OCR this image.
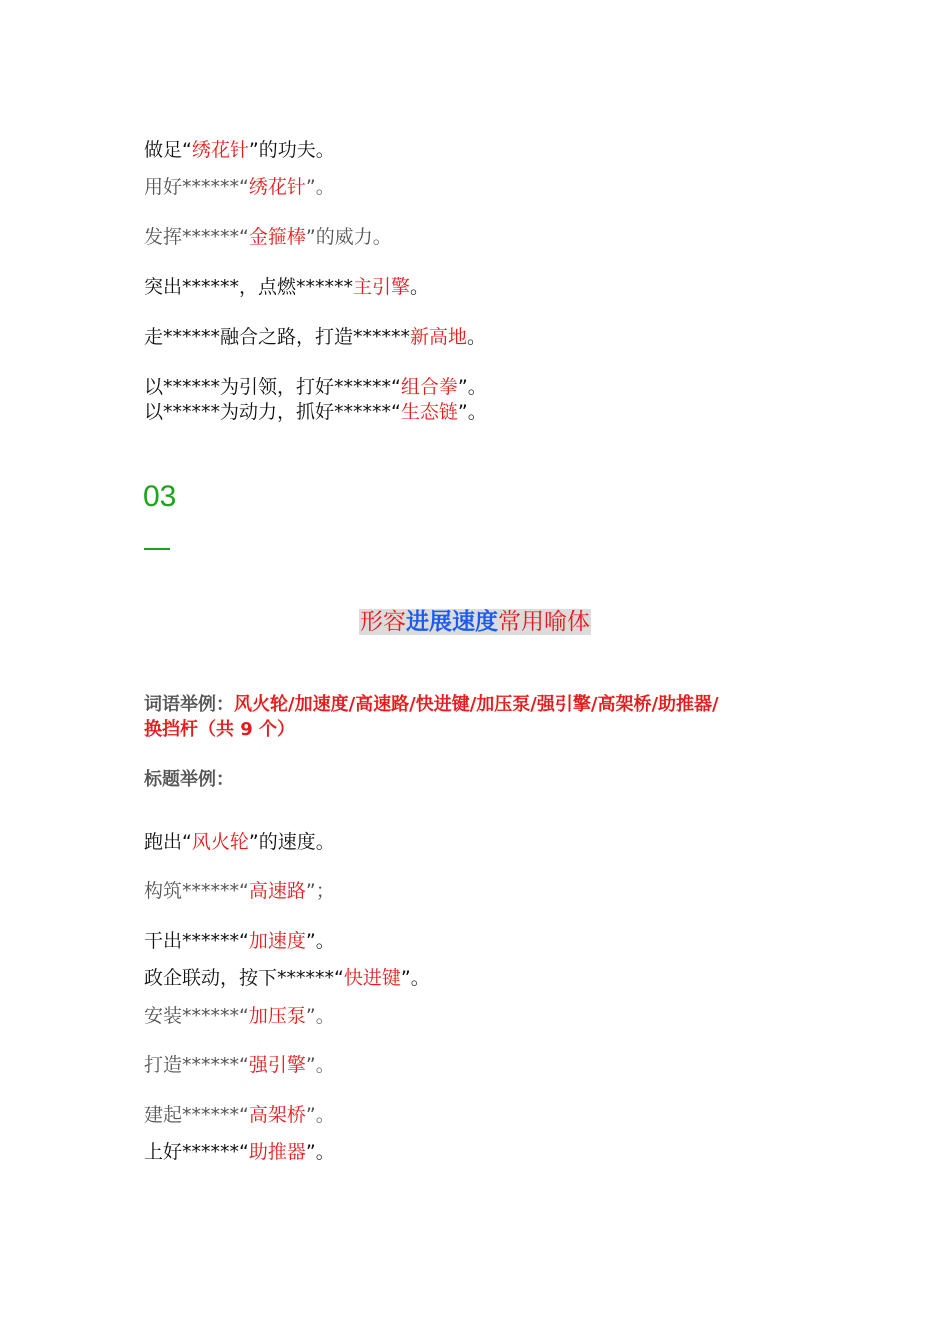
做足“绣花针”的功夫。
用好******“绣花针”。
发挥******“金箍棒”的威力。
突出******，点燃******主引擎。
走******融合之路，打造******新高地。
以******为引领，打好******“组合拳”。
以******为动力，抓好******“生态链”。
03
形容进展速度常用喻体
词语举例：风火轮/加速度/高速路/快进键/加压泵/强引擎/高架桥/助推器/
换挡杆（共 9 个）
标题举例：
跑出“风火轮”的速度。
构筑******“高速路”；
干出******“加速度”。
政企联动，按下******“快进键”。
安装******“加压泵”。
打造******“强引擎”。
建起******“高架桥”。
上好******“助推器”。
